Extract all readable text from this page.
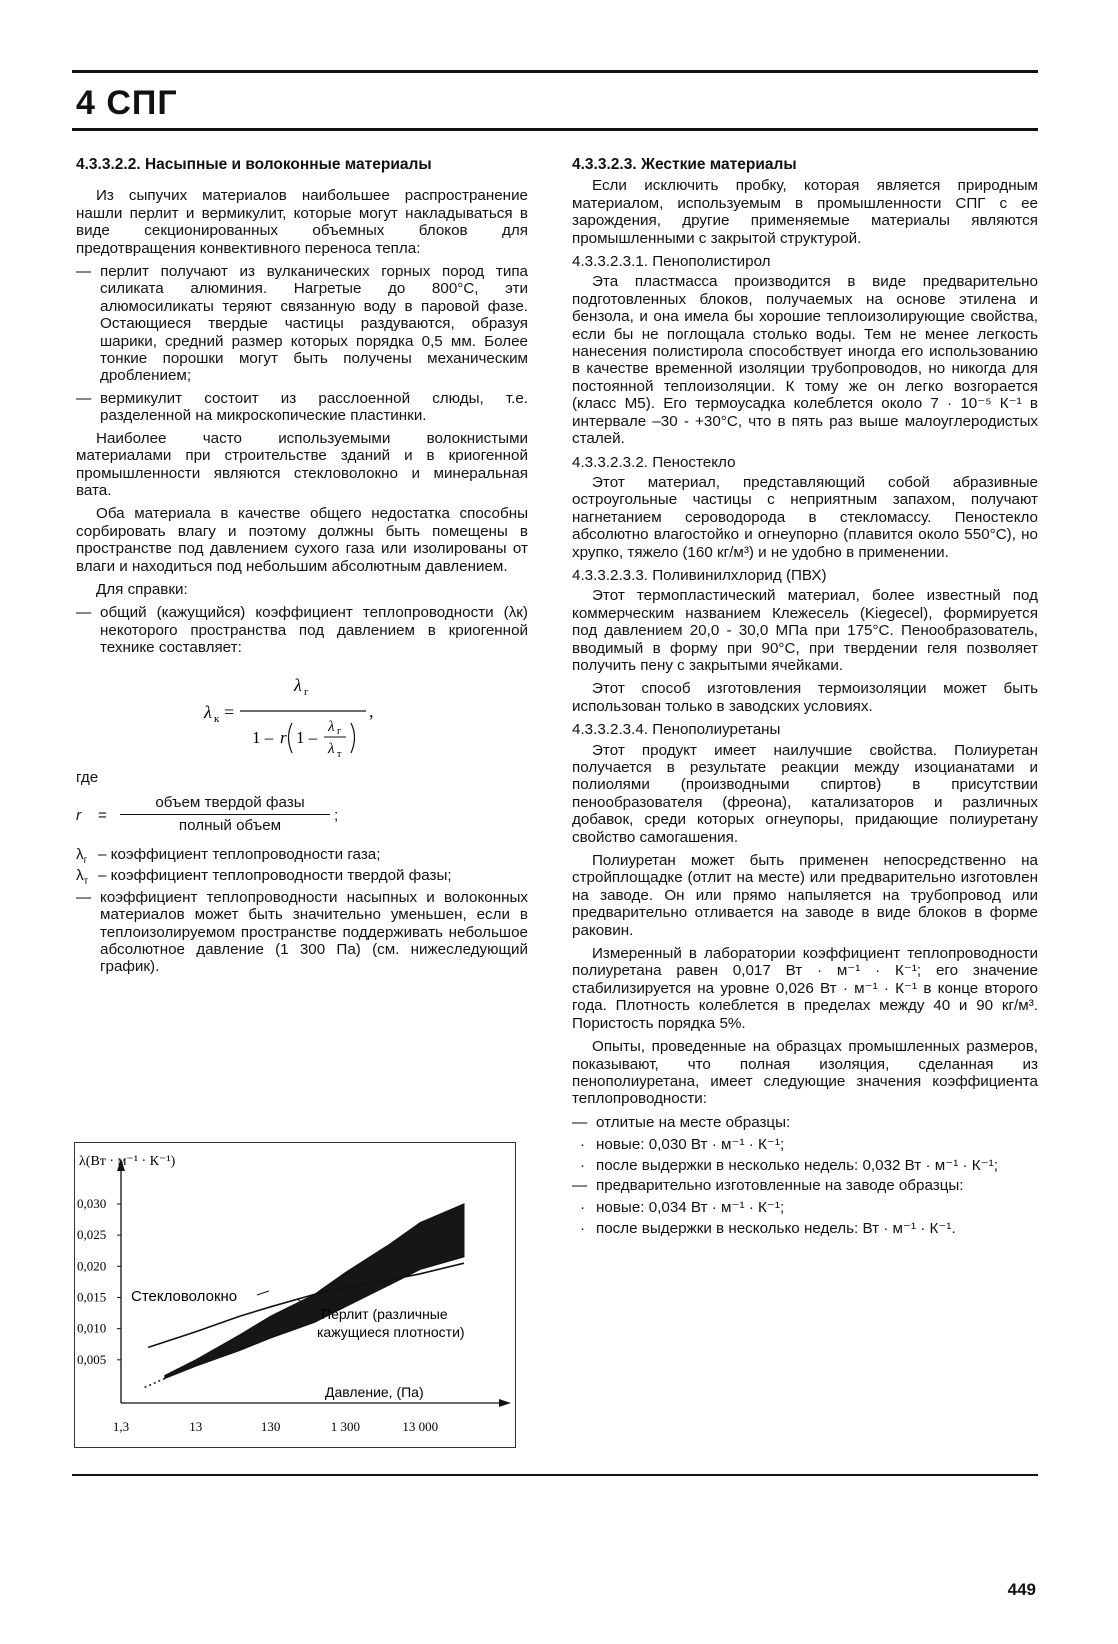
4 СПГ
4.3.3.2.2. Насыпные и волоконные материалы

Из сыпучих материалов наибольшее распространение нашли перлит и вермикулит, которые могут накладываться в виде секционированных объемных блоков для предотвращения конвективного переноса тепла:

— перлит получают из вулканических горных пород типа силиката алюминия. Нагретые до 800°С, эти алюмосиликаты теряют связанную воду в паровой фазе. Остающиеся твердые частицы раздуваются, образуя шарики, средний размер которых порядка 0,5 мм. Более тонкие порошки могут быть получены механическим дроблением;
— вермикулит состоит из расслоенной слюды, т.е. разделенной на микроскопические пластинки.

Наиболее часто используемыми волокнистыми материалами при строительстве зданий и в криогенной промышленности являются стекловолокно и минеральная вата.

Оба материала в качестве общего недостатка способны сорбировать влагу и поэтому должны быть помещены в пространстве под давлением сухого газа или изолированы от влаги и находиться под небольшим абсолютным давлением.

Для справки:

— общий (кажущийся) коэффициент теплопроводности (λк) некоторого пространства под давлением в криогенной технике составляет:
λ к =
λ г
,
1 – r 1 –
λ г
λ т

где

r =
объем твердой фазы
полный объем
;
$\lambda_г$ – коэффициент теплопроводности газа;
$\lambda_т$ – коэффициент теплопроводности твердой фазы;
— коэффициент теплопроводности насыпных и волоконных материалов может быть значительно уменьшен, если в теплоизолируемом пространстве поддерживать небольшое абсолютное давление (1 300 Па) (см. нижеследующий график).
λ(Вт · м⁻¹ · К⁻¹)
0,030
0,025
0,020
0,015
0,010
0,005
1,3	13	130	1 300	13 000
Давление, (Па)
Стекловолокно
Перлит (различные
кажущиеся плотности)
4.3.3.2.3. Жесткие материалы

Если исключить пробку, которая является природным материалом, используемым в промышленности СПГ с ее зарождения, другие применяемые материалы являются промышленными с закрытой структурой.

4.3.3.2.3.1. Пенополистирол

Эта пластмасса производится в виде предварительно подготовленных блоков, получаемых на основе этилена и бензола, и она имела бы хорошие теплоизолирующие свойства, если бы не поглощала столько воды. Тем не менее легкость нанесения полистирола способствует иногда его использованию в качестве временной изоляции трубопроводов, но никогда для постоянной теплоизоляции. К тому же он легко возгорается (класс М5). Его термоусадка колеблется около 7 · 10⁻⁵ К⁻¹ в интервале –30 - +30°С, что в пять раз выше малоуглеродистых сталей.

4.3.3.2.3.2. Пеностекло

Этот материал, представляющий собой абразивные остроугольные частицы с неприятным запахом, получают нагнетанием сероводорода в стекломассу. Пеностекло абсолютно влагостойко и огнеупорно (плавится около 550°С), но хрупко, тяжело (160 кг/м³) и не удобно в применении.

4.3.3.2.3.3. Поливинилхлорид (ПВХ)

Этот термопластический материал, более известный под коммерческим названием Клежесель (Kiegecel), формируется под давлением 20,0 - 30,0 МПа при 175°С. Пенообразователь, вводимый в форму при 90°С, при твердении геля позволяет получить пену с закрытыми ячейками.

Этот способ изготовления термоизоляции может быть использован только в заводских условиях.

4.3.3.2.3.4. Пенополиуретаны

Этот продукт имеет наилучшие свойства. Полиуретан получается в результате реакции между изоцианатами и полиолями (производными спиртов) в присутствии пенообразователя (фреона), катализаторов и различных добавок, среди которых огнеупоры, придающие полиуретану свойство самогашения.

Полиуретан может быть применен непосредственно на стройплощадке (отлит на месте) или предварительно изготовлен на заводе. Он или прямо напыляется на трубопровод или предварительно отливается на заводе в виде блоков в форме раковин.

Измеренный в лаборатории коэффициент теплопроводности полиуретана равен 0,017 Вт · м⁻¹ · К⁻¹; его значение стабилизируется на уровне 0,026 Вт · м⁻¹ · К⁻¹ в конце второго года. Плотность колеблется в пределах между 40 и 90 кг/м³. Пористость порядка 5%.

Опыты, проведенные на образцах промышленных размеров, показывают, что полная изоляция, сделанная из пенополиуретана, имеет следующие значения коэффициента теплопроводности:

— отлитые на месте образцы:
· новые: 0,030 Вт · м⁻¹ · К⁻¹;
· после выдержки в несколько недель: 0,032 Вт · м⁻¹ · К⁻¹;
— предварительно изготовленные на заводе образцы:
· новые: 0,034 Вт · м⁻¹ · К⁻¹;
· после выдержки в несколько недель: Вт · м⁻¹ · К⁻¹.
449
